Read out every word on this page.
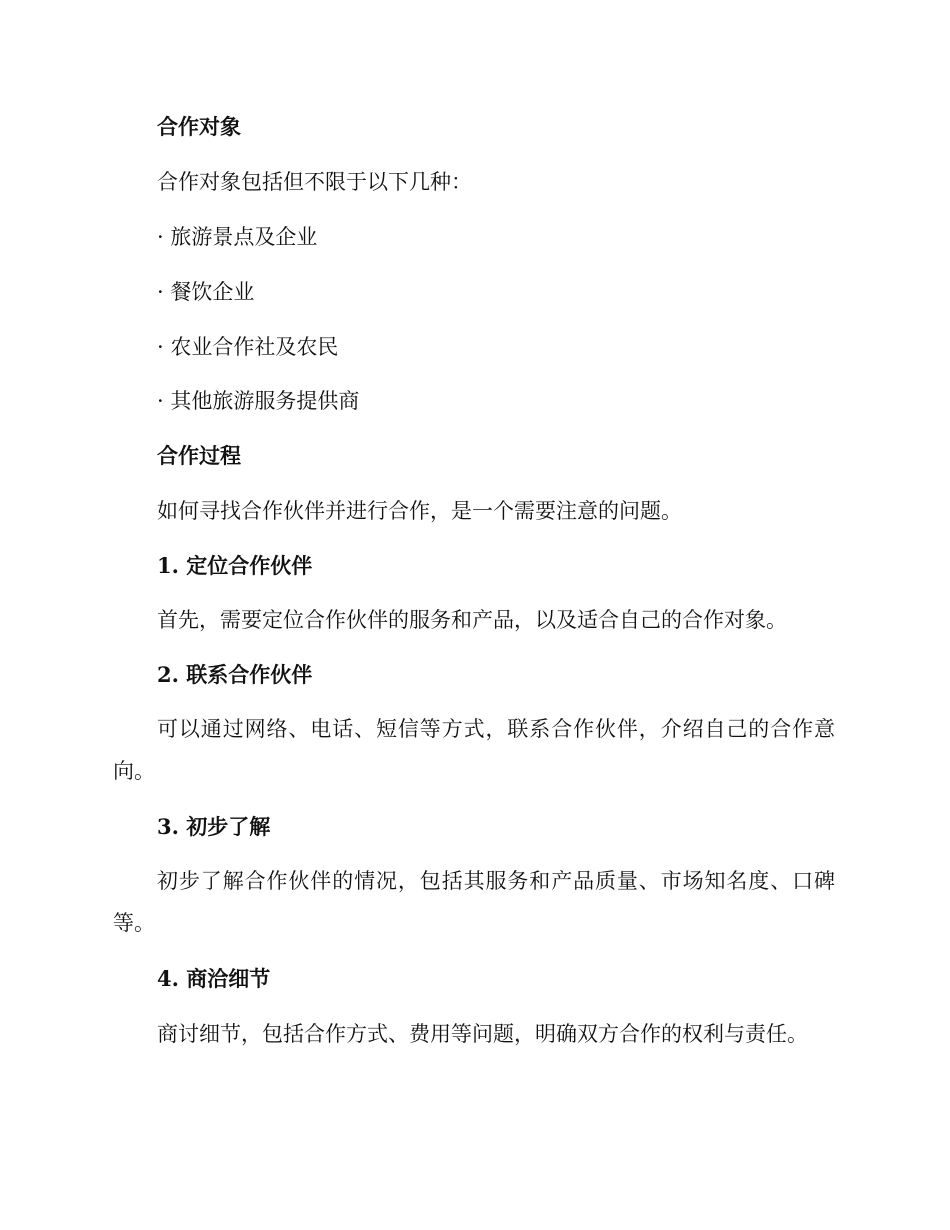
合作对象
合作对象包括但不限于以下几种：
· 旅游景点及企业
· 餐饮企业
· 农业合作社及农民
· 其他旅游服务提供商
合作过程
如何寻找合作伙伴并进行合作，是一个需要注意的问题。
1. 定位合作伙伴
首先，需要定位合作伙伴的服务和产品，以及适合自己的合作对象。
2. 联系合作伙伴
可以通过网络、电话、短信等方式，联系合作伙伴，介绍自己的合作意向。
3. 初步了解
初步了解合作伙伴的情况，包括其服务和产品质量、市场知名度、口碑等。
4. 商洽细节
商讨细节，包括合作方式、费用等问题，明确双方合作的权利与责任。
